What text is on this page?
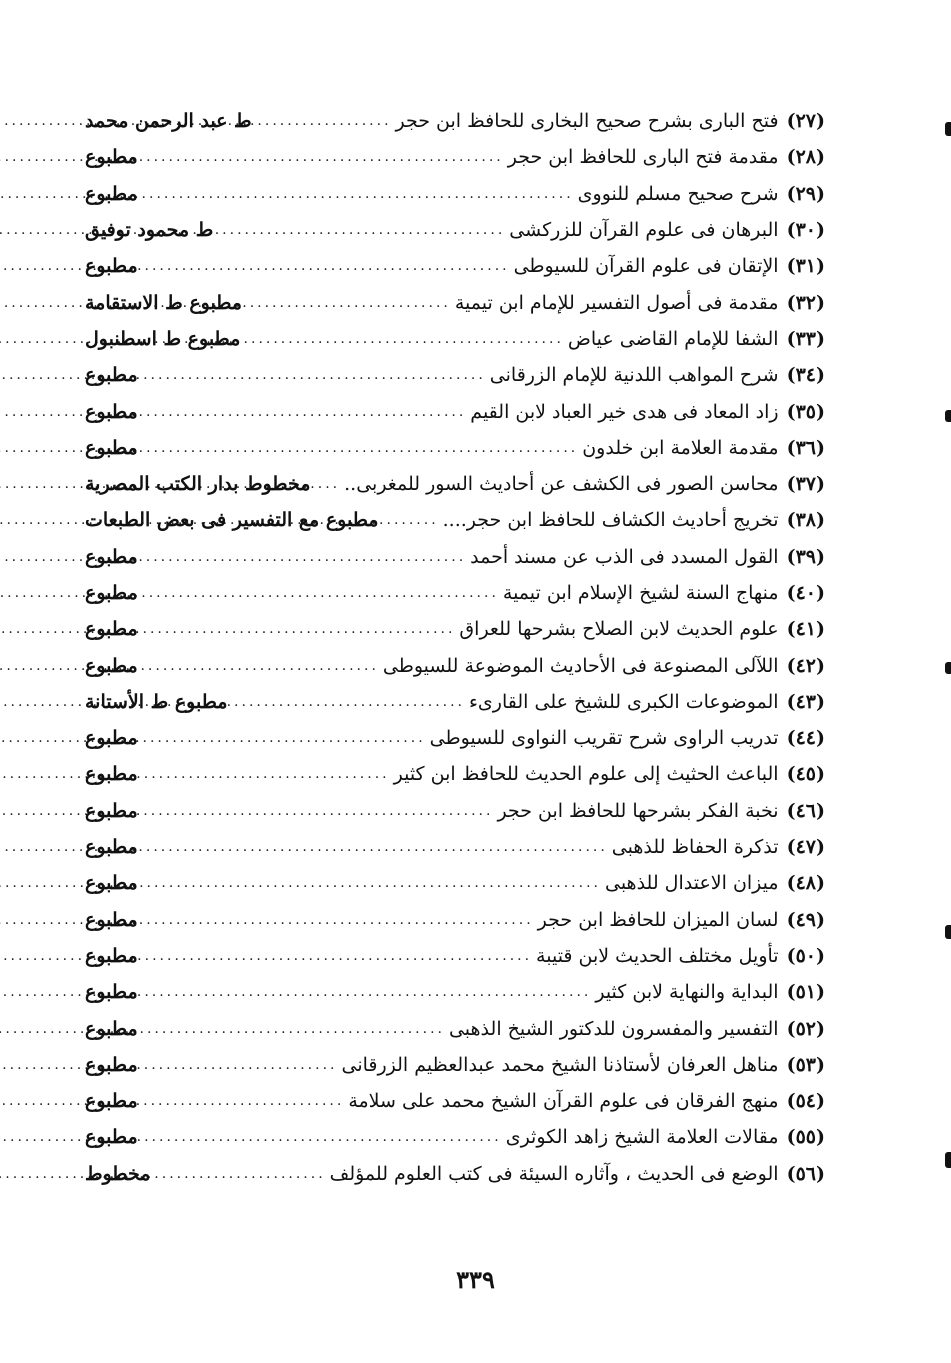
(٢٧)
فتح البارى بشرح صحيح البخارى للحافظ ابن حجر
.....
ط عبد الرحمن محمد
(٢٨)
مقدمة فتح البارى للحافظ ابن حجر
.....
مطبوع
(٢٩)
شرح صحيح مسلم للنووى
.....
مطبوع
(٣٠)
البرهان فى علوم القرآن للزركشى
.....
ط محمود توفيق
(٣١)
الإتقان فى علوم القرآن للسيوطى
.....
مطبوع
(٣٢)
مقدمة فى أصول التفسير للإمام ابن تيمية
.....
مطبوع ط الاستقامة
(٣٣)
الشفا للإمام القاضى عياض
.....
مطبوع ط اسطنبول
(٣٤)
شرح المواهب اللدنية للإمام الزرقانى
.....
مطبوع
(٣٥)
زاد المعاد فى هدى خير العباد لابن القيم
.....
مطبوع
(٣٦)
مقدمة العلامة ابن خلدون
.....
مطبوع
(٣٧)
محاسن الصور فى الكشف عن أحاديث السور للمغربى..
.....
مخطوط بدار الكتب المصرية
(٣٨)
تخريج أحاديث الكشاف للحافظ ابن حجر....
.....
مطبوع مع التفسير فى بعض الطبعات
(٣٩)
القول المسدد فى الذب عن مسند أحمد
.....
مطبوع
(٤٠)
منهاج السنة لشيخ الإسلام ابن تيمية
.....
مطبوع
(٤١)
علوم الحديث لابن الصلاح بشرحها للعراق
.....
مطبوع
(٤٢)
اللآلى المصنوعة فى الأحاديث الموضوعة للسيوطى
.....
مطبوع
(٤٣)
الموضوعات الكبرى للشيخ على القارىء
.....
مطبوع ط الأستانة
(٤٤)
تدريب الراوى شرح تقريب النواوى للسيوطى
.....
مطبوع
(٤٥)
الباعث الحثيث إلى علوم الحديث للحافظ ابن كثير
.....
مطبوع
(٤٦)
نخبة الفكر بشرحها للحافظ ابن حجر
.....
مطبوع
(٤٧)
تذكرة الحفاظ للذهبى
.....
مطبوع
(٤٨)
ميزان الاعتدال للذهبى
.....
مطبوع
(٤٩)
لسان الميزان للحافظ ابن حجر
.....
مطبوع
(٥٠)
تأويل مختلف الحديث لابن قتيبة
.....
مطبوع
(٥١)
البداية والنهاية لابن كثير
.....
مطبوع
(٥٢)
التفسير والمفسرون للدكتور الشيخ الذهبى
.....
مطبوع
(٥٣)
مناهل العرفان لأستاذنا الشيخ محمد عبدالعظيم الزرقانى
.....
مطبوع
(٥٤)
منهج الفرقان فى علوم القرآن الشيخ محمد على سلامة
.....
مطبوع
(٥٥)
مقالات العلامة الشيخ زاهد الكوثرى
.....
مطبوع
(٥٦)
الوضع فى الحديث ، وآثاره السيئة فى كتب العلوم للمؤلف
.....
مخطوط
٣٣٩
